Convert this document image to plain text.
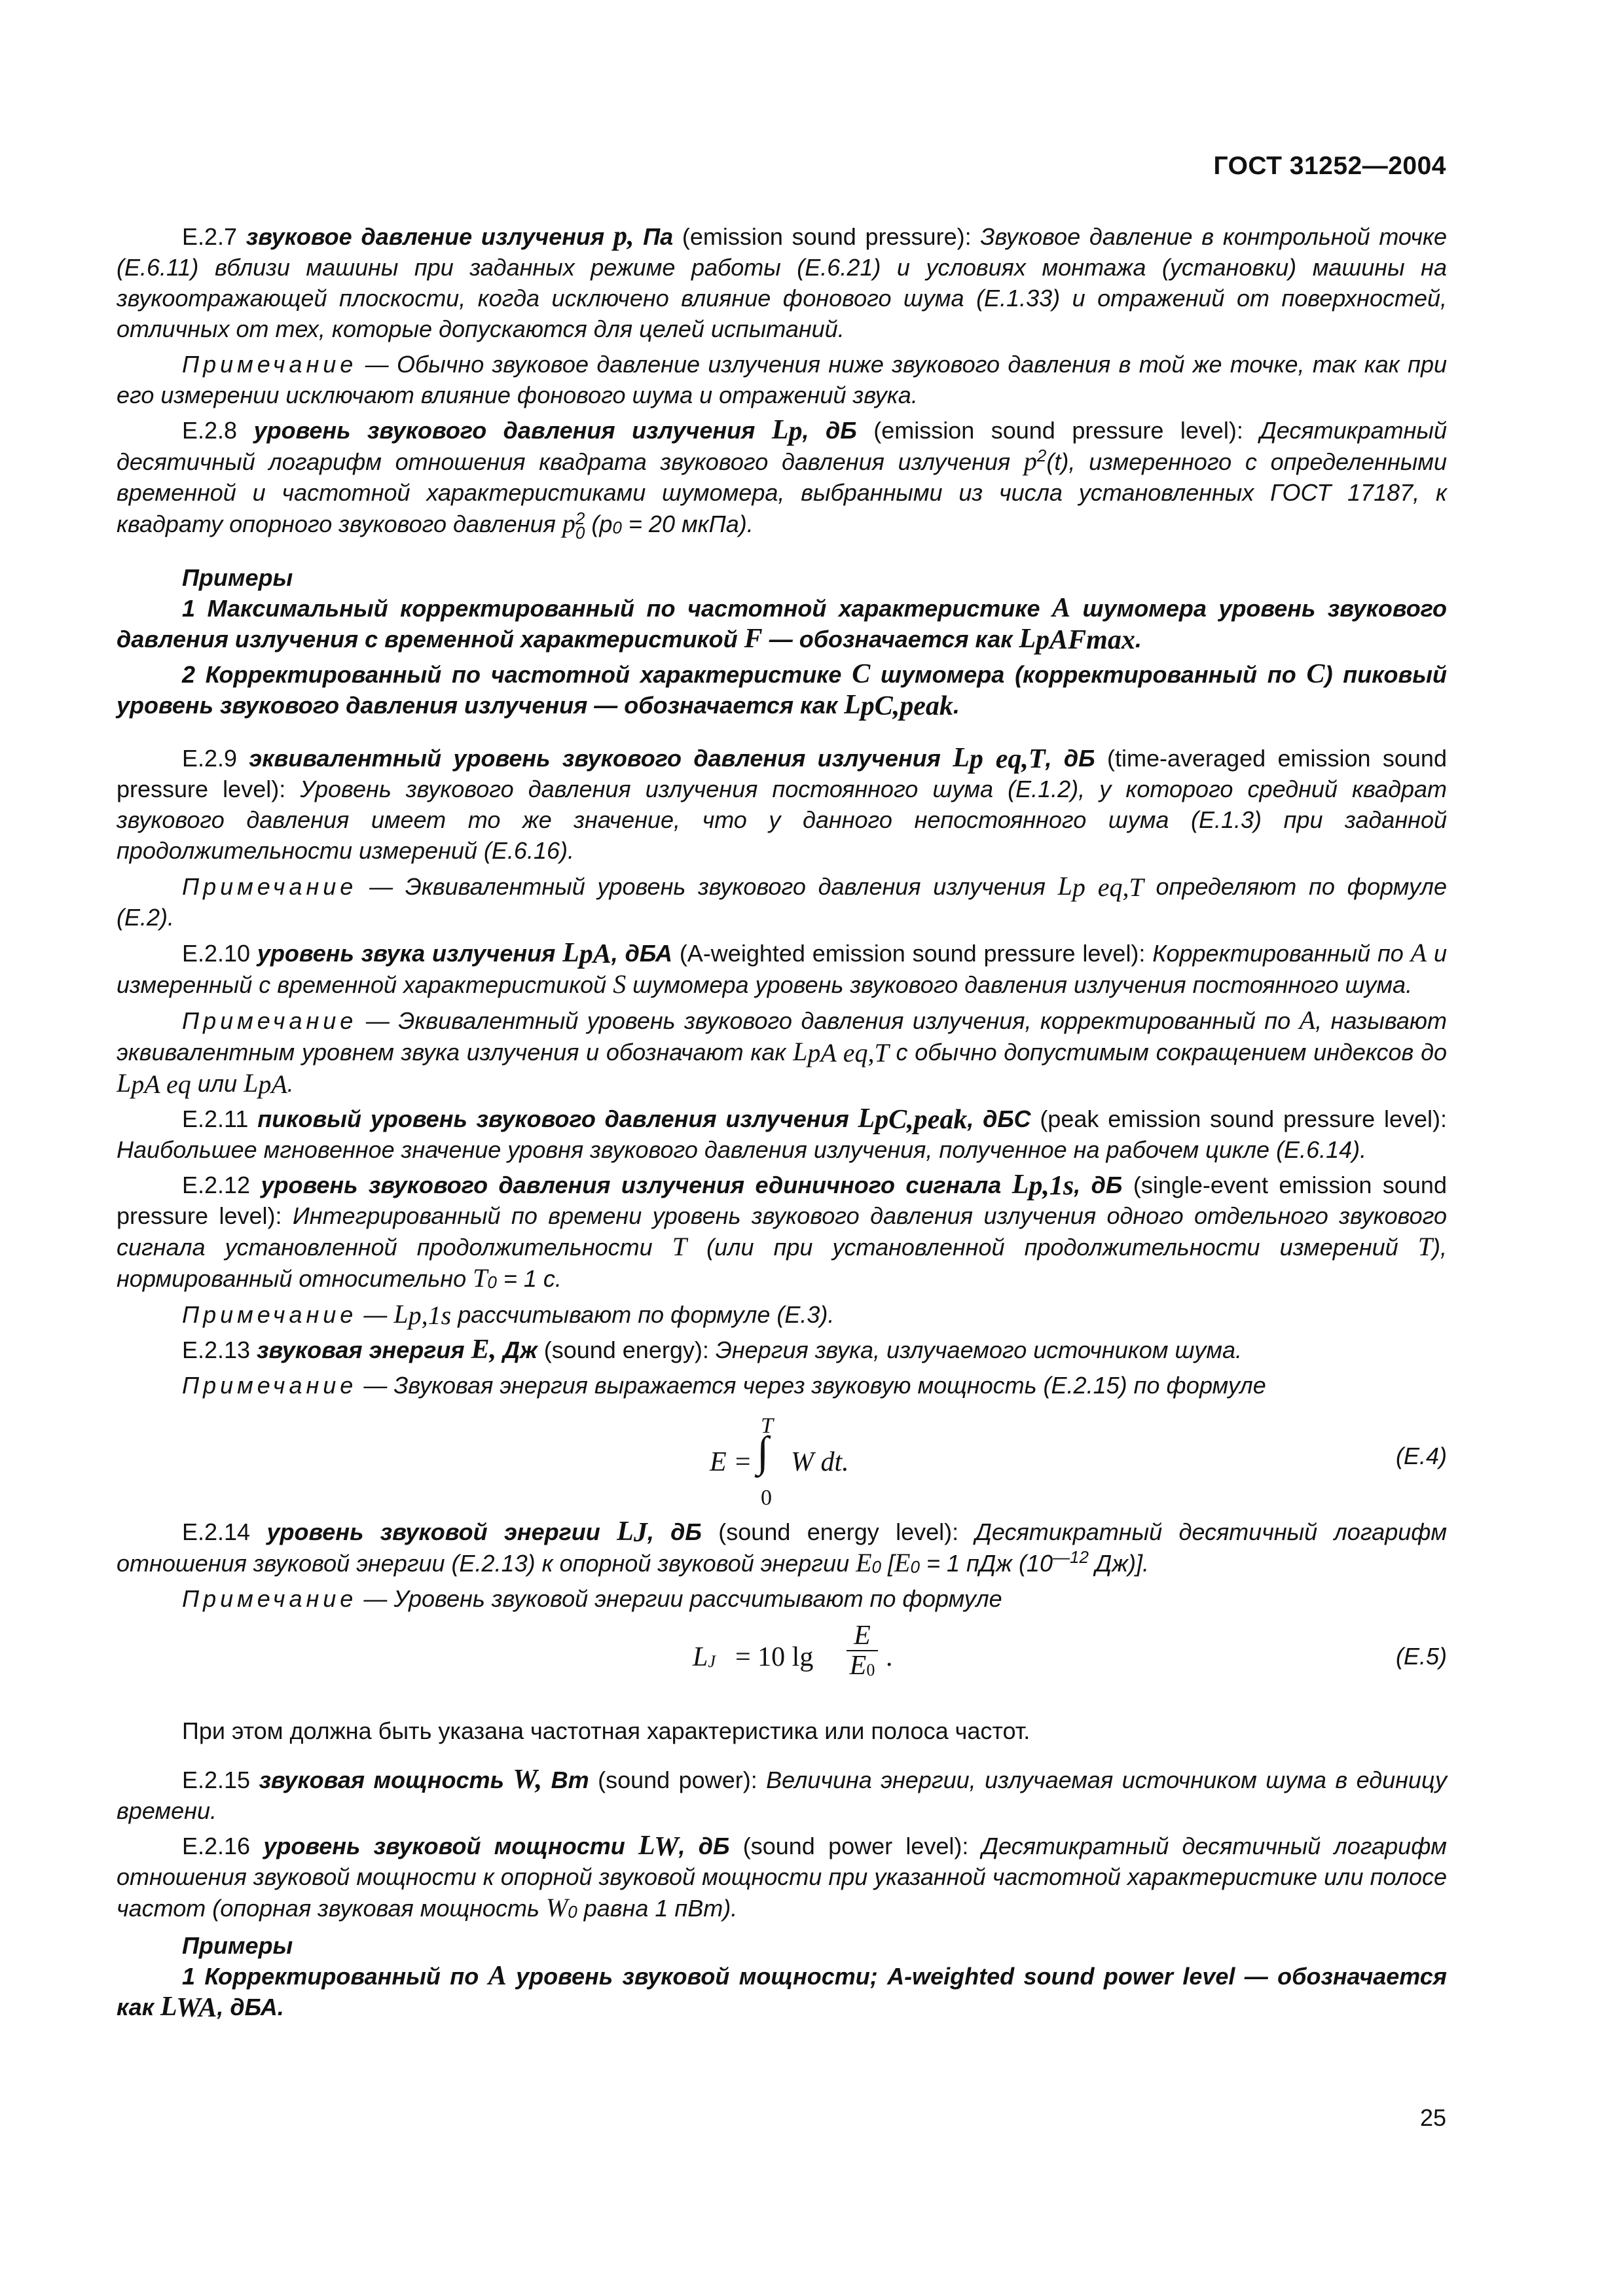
ГОСТ 31252—2004

Е.2.7 звуковое давление излучения p, Па (emission sound pressure): Звуковое давление в контрольной точке (Е.6.11) вблизи машины при заданных режиме работы (Е.6.21) и условиях монтажа (установки) машины на звукоотражающей плоскости, когда исключено влияние фонового шума (Е.1.33) и отражений от поверхностей, отличных от тех, которые допускаются для целей испытаний.

Примечание — Обычно звуковое давление излучения ниже звукового давления в той же точке, так как при его измерении исключают влияние фонового шума и отражений звука.

Е.2.8 уровень звукового давления излучения $L_p$, дБ (emission sound pressure level): Десятикратный десятичный логарифм отношения квадрата звукового давления излучения $p^2(t)$, измеренного с определенными временной и частотной характеристиками шумомера, выбранными из числа установленных ГОСТ 17187, к квадрату опорного звукового давления p 2
0 ($p_0 = 20$ мкПа).

Примеры

1 Максимальный корректированный по частотной характеристике A шумомера уровень звукового давления излучения с временной характеристикой F — обозначается как $L_{pAFmax}$.

2 Корректированный по частотной характеристике C шумомера (корректированный по C) пиковый уровень звукового давления излучения — обозначается как $L_{pC,peak}$.

Е.2.9 эквивалентный уровень звукового давления излучения $L_{p eq,T}$, дБ (time-averaged emission sound pressure level): Уровень звукового давления излучения постоянного шума (Е.1.2), у которого средний квадрат звукового давления имеет то же значение, что у данного непостоянного шума (Е.1.3) при заданной продолжительности измерений (Е.6.16).

Примечание — Эквивалентный уровень звукового давления излучения $L_{p eq,T}$ определяют по формуле (Е.2).

Е.2.10 уровень звука излучения $L_{pA}$, дБА (A-weighted emission sound pressure level): Корректированный по A и измеренный с временной характеристикой S шумомера уровень звукового давления излучения постоянного шума.

Примечание — Эквивалентный уровень звукового давления излучения, корректированный по A, называют эквивалентным уровнем звука излучения и обозначают как $L_{pA eq,T}$ с обычно допустимым сокращением индексов до $L_{pA eq}$ или $L_{pA}$.

Е.2.11 пиковый уровень звукового давления излучения $L_{pC,peak}$, дБС (peak emission sound pressure level): Наибольшее мгновенное значение уровня звукового давления излучения, полученное на рабочем цикле (Е.6.14).

Е.2.12 уровень звукового давления излучения единичного сигнала $L_{p,1s}$, дБ (single-event emission sound pressure level): Интегрированный по времени уровень звукового давления излучения одного отдельного звукового сигнала установленной продолжительности T (или при установленной продолжительности измерений T), нормированный относительно $T_0 = 1$ с.

Примечание — $L_{p,1s}$ рассчитывают по формуле (Е.3).

Е.2.13 звуковая энергия E, Дж (sound energy): Энергия звука, излучаемого источником шума.

Примечание — Звуковая энергия выражается через звуковую мощность (Е.2.15) по формуле

T
E = ∫ W dt.
0
(Е.4)

Е.2.14 уровень звуковой энергии $L_J$, дБ (sound energy level): Десятикратный десятичный логарифм отношения звуковой энергии (Е.2.13) к опорной звуковой энергии $E_0$ [$E_0 = 1$ пДж ($10^{—12}$ Дж)].

Примечание — Уровень звуковой энергии рассчитывают по формуле

$L_J = 10$ lg
E
$E_0$ .	(Е.5)

При этом должна быть указана частотная характеристика или полоса частот.

Е.2.15 звуковая мощность W, Вт (sound power): Величина энергии, излучаемая источником шума в единицу времени.

Е.2.16 уровень звуковой мощности $L_W$, дБ (sound power level): Десятикратный десятичный логарифм отношения звуковой мощности к опорной звуковой мощности при указанной частотной характеристике или полосе частот (опорная звуковая мощность $W_0$ равна 1 пВт).

Примеры

1 Корректированный по A уровень звуковой мощности; A-weighted sound power level — обозначается как $L_{WA}$, дБА.

25
